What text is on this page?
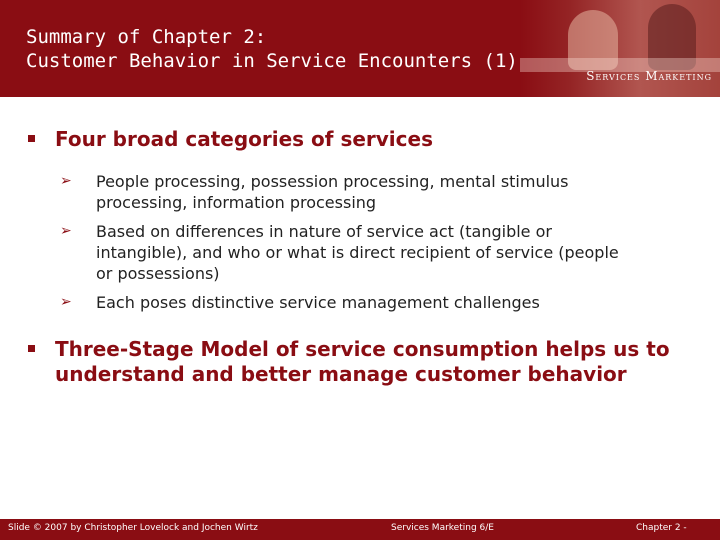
Summary of Chapter 2:
Customer Behavior in Service Encounters (1)
Services Marketing
Four broad categories of services
➢ People processing, possession processing, mental stimulus processing, information processing
➢ Based on differences in nature of service act (tangible or intangible), and who or what is direct recipient of service (people or possessions)
➢ Each poses distinctive service management challenges
Three-Stage Model of service consumption helps us to understand and better manage customer behavior
Slide © 2007 by Christopher Lovelock and Jochen Wirtz	Services Marketing 6/E	Chapter 2 -
